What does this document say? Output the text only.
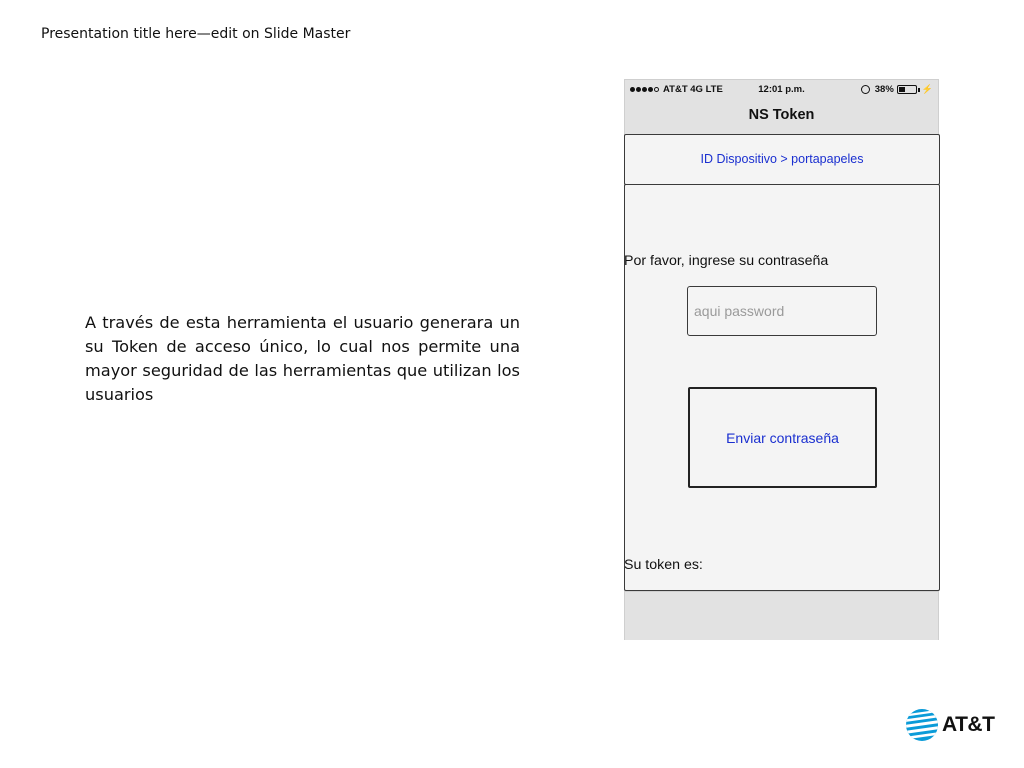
Presentation title here—edit on Slide Master
A través de esta herramienta el usuario generara un su Token de acceso único, lo cual nos permite una mayor seguridad de las herramientas que utilizan los usuarios
12:01 p.m.
AT&T 4G LTE	38%	⚡
NS Token
ID Dispositivo > portapapeles
Por favor, ingrese su contraseña
aqui password
Enviar contraseña
Su token es:
AT&T
